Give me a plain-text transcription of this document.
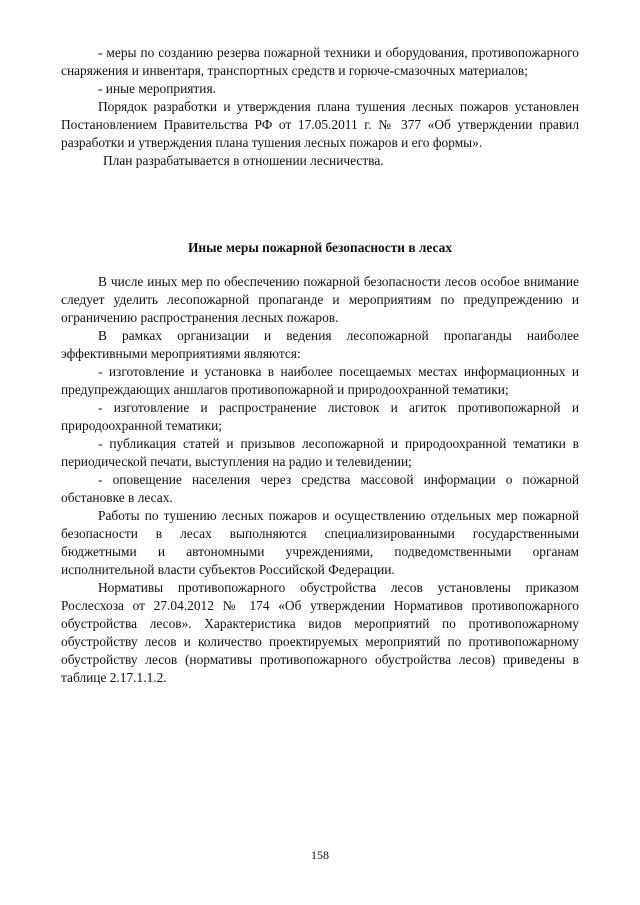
- меры по созданию резерва пожарной техники и оборудования, противопожарного снаряжения и инвентаря, транспортных средств и горюче-смазочных материалов;

- иные мероприятия.

Порядок разработки и утверждения плана тушения лесных пожаров установлен Постановлением Правительства РФ от 17.05.2011 г. № 377 «Об утверждении правил разработки и утверждения плана тушения лесных пожаров и его формы».

План разрабатывается в отношении лесничества.

Иные меры пожарной безопасности в лесах

В числе иных мер по обеспечению пожарной безопасности лесов особое внимание следует уделить лесопожарной пропаганде и мероприятиям по предупреждению и ограничению распространения лесных пожаров.

В рамках организации и ведения лесопожарной пропаганды наиболее эффективными мероприятиями являются:

- изготовление и установка в наиболее посещаемых местах информационных и предупреждающих аншлагов противопожарной и природоохранной тематики;

- изготовление и распространение листовок и агиток противопожарной и природоохранной тематики;

- публикация статей и призывов лесопожарной и природоохранной тематики в периодической печати, выступления на радио и телевидении;

- оповещение населения через средства массовой информации о пожарной обстановке в лесах.

Работы по тушению лесных пожаров и осуществлению отдельных мер пожарной безопасности в лесах выполняются специализированными государственными бюджетными и автономными учреждениями, подведомственными органам исполнительной власти субъектов Российской Федерации.

Нормативы противопожарного обустройства лесов установлены приказом Рослесхоза от 27.04.2012 № 174 «Об утверждении Нормативов противопожарного обустройства лесов». Характеристика видов мероприятий по противопожарному обустройству лесов и количество проектируемых мероприятий по противопожарному обустройству лесов (нормативы противопожарного обустройства лесов) приведены в таблице 2.17.1.1.2.

158
